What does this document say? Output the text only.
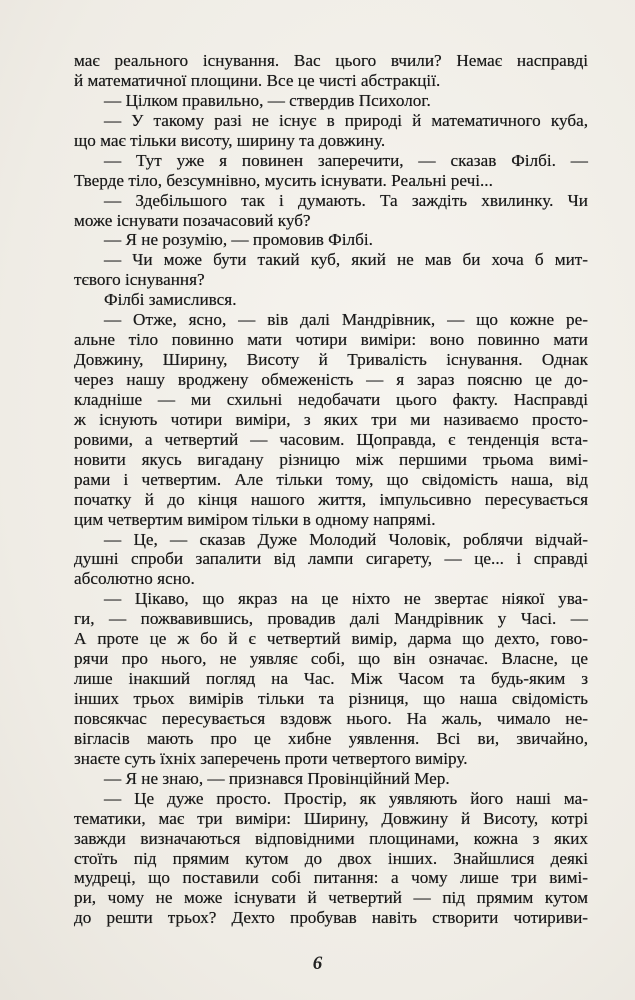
має реального існування. Вас цього вчили? Немає насправді
й математичної площини. Все це чисті абстракції.
— Цілком правильно, — ствердив Психолог.
— У такому разі не існує в природі й математичного куба,
що має тільки висоту, ширину та довжину.
— Тут уже я повинен заперечити, — сказав Філбі. —
Тверде тіло, безсумнівно, мусить існувати. Реальні речі...
— Здебільшого так і думають. Та заждіть хвилинку. Чи
може існувати позачасовий куб?
— Я не розумію, — промовив Філбі.
— Чи може бути такий куб, який не мав би хоча б мит-
тєвого існування?
Філбі замислився.
— Отже, ясно, — вів далі Мандрівник, — що кожне ре-
альне тіло повинно мати чотири виміри: воно повинно мати
Довжину, Ширину, Висоту й Тривалість існування. Однак
через нашу вроджену обмеженість — я зараз поясню це до-
кладніше — ми схильні недобачати цього факту. Насправді
ж існують чотири виміри, з яких три ми називаємо просто-
ровими, а четвертий — часовим. Щоправда, є тенденція вста-
новити якусь вигадану різницю між першими трьома вимі-
рами і четвертим. Але тільки тому, що свідомість наша, від
початку й до кінця нашого життя, імпульсивно пересувається
цим четвертим виміром тільки в одному напрямі.
— Це, — сказав Дуже Молодий Чоловік, роблячи відчай-
душні спроби запалити від лампи сигарету, — це... і справді
абсолютно ясно.
— Цікаво, що якраз на це ніхто не звертає ніякої ува-
ги, — пожвавившись, провадив далі Мандрівник у Часі. —
А проте це ж бо й є четвертий вимір, дарма що дехто, гово-
рячи про нього, не уявляє собі, що він означає. Власне, це
лише інакший погляд на Час. Між Часом та будь-яким з
інших трьох вимірів тільки та різниця, що наша свідомість
повсякчас пересувається вздовж нього. На жаль, чимало не-
вігласів мають про це хибне уявлення. Всі ви, звичайно,
знаєте суть їхніх заперечень проти четвертого виміру.
— Я не знаю, — признався Провінційний Мер.
— Це дуже просто. Простір, як уявляють його наші ма-
тематики, має три виміри: Ширину, Довжину й Висоту, котрі
завжди визначаються відповідними площинами, кожна з яких
стоїть під прямим кутом до двох інших. Знайшлися деякі
мудреці, що поставили собі питання: а чому лише три вимі-
ри, чому не може існувати й четвертий — під прямим кутом
до решти трьох? Дехто пробував навіть створити чотириви-
6
